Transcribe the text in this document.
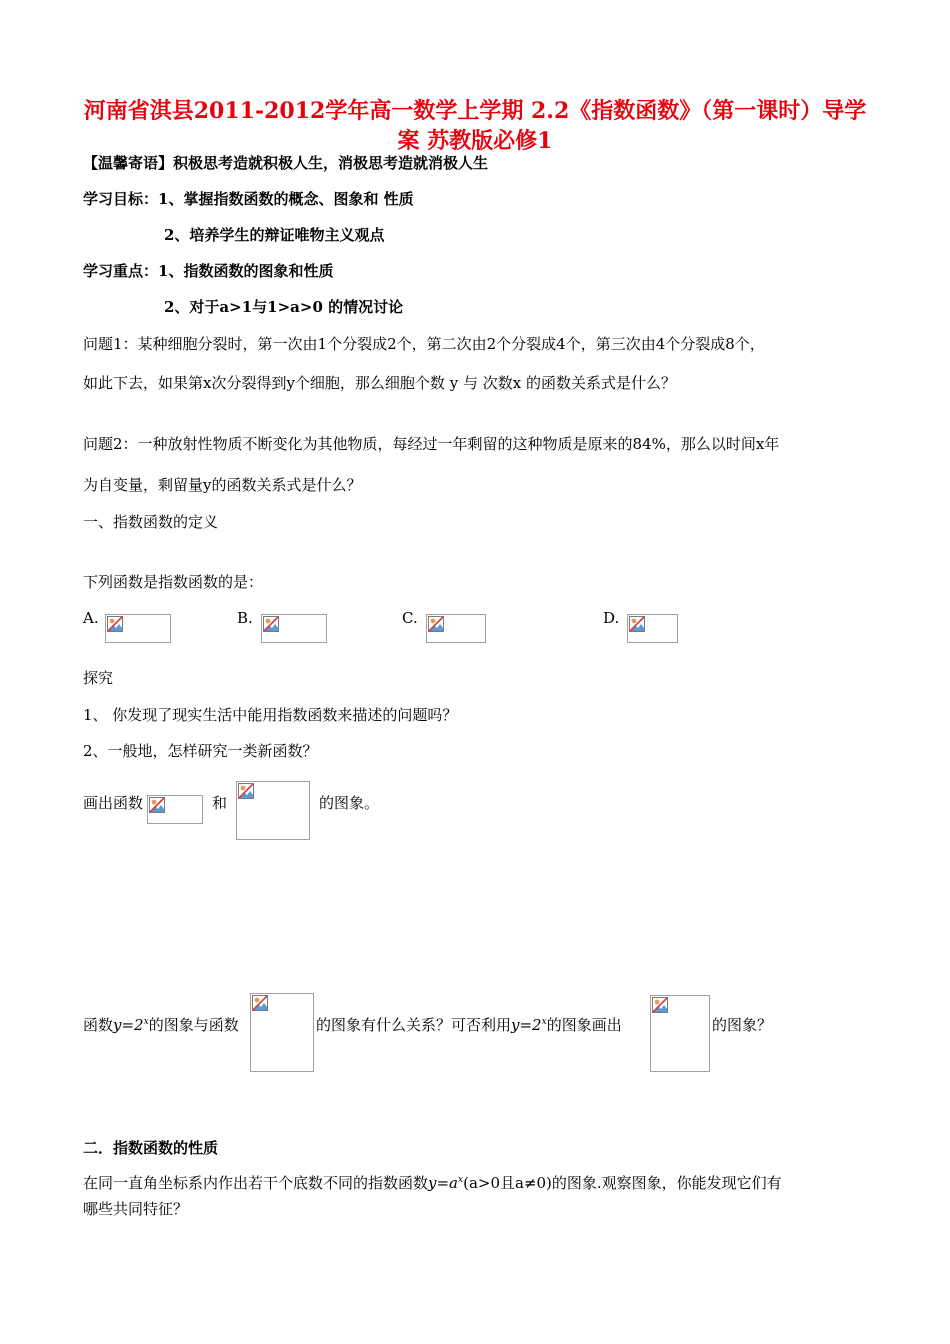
河南省淇县2011-2012学年高一数学上学期 2.2《指数函数》（第一课时）导学
案 苏教版必修1
【温馨寄语】积极思考造就积极人生，消极思考造就消极人生
学习目标：1、掌握指数函数的概念、图象和 性质
2、培养学生的辩证唯物主义观点
学习重点：1、指数函数的图象和性质
2、对于a>1与1>a>0 的情况讨论
问题1：某种细胞分裂时，第一次由1个分裂成2个，第二次由2个分裂成4个，第三次由4个分裂成8个，
如此下去，如果第x次分裂得到y个细胞，那么细胞个数 y 与 次数x 的函数关系式是什么？
问题2：一种放射性物质不断变化为其他物质，每经过一年剩留的这种物质是原来的84%，那么以时间x年
为自变量，剩留量y的函数关系式是什么？
一、指数函数的定义
下列函数是指数函数的是：
A.	B.	C.	D.
探究
1、 你发现了现实生活中能用指数函数来描述的问题吗？
2、一般地，怎样研究一类新函数？
画出函数	和	的图象。
函数$y=2^x$的图象与函数	的图象有什么关系？可否利用$y=2^x$的图象画出	的图象？
二．指数函数的性质
在同一直角坐标系内作出若干个底数不同的指数函数$y=a^x(a>0$且a≠0)的图象.观察图象，你能发现它们有
哪些共同特征？
